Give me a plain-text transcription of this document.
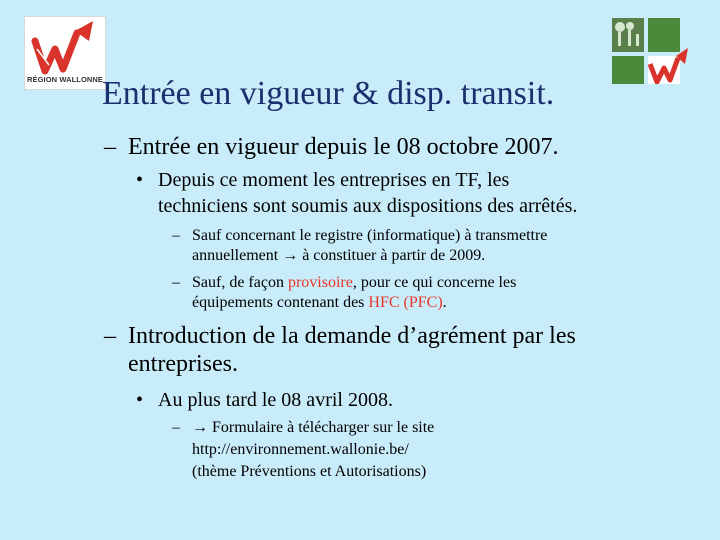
RÉGION WALLONNE
Entrée en vigueur & disp. transit.
– Entrée en vigueur depuis le 08 octobre 2007.
• Depuis ce moment les entreprises en TF, les
techniciens sont soumis aux dispositions des arrêtés.
– Sauf concernant le registre (informatique) à transmettre
annuellement → à constituer à partir de 2009.
– Sauf, de façon provisoire, pour ce qui concerne les
équipements contenant des HFC (PFC).
– Introduction de la demande d’agrément par les
entreprises.
• Au plus tard le 08 avril 2008.
– → Formulaire à télécharger sur le site
http://environnement.wallonie.be/
(thème Préventions et Autorisations)
